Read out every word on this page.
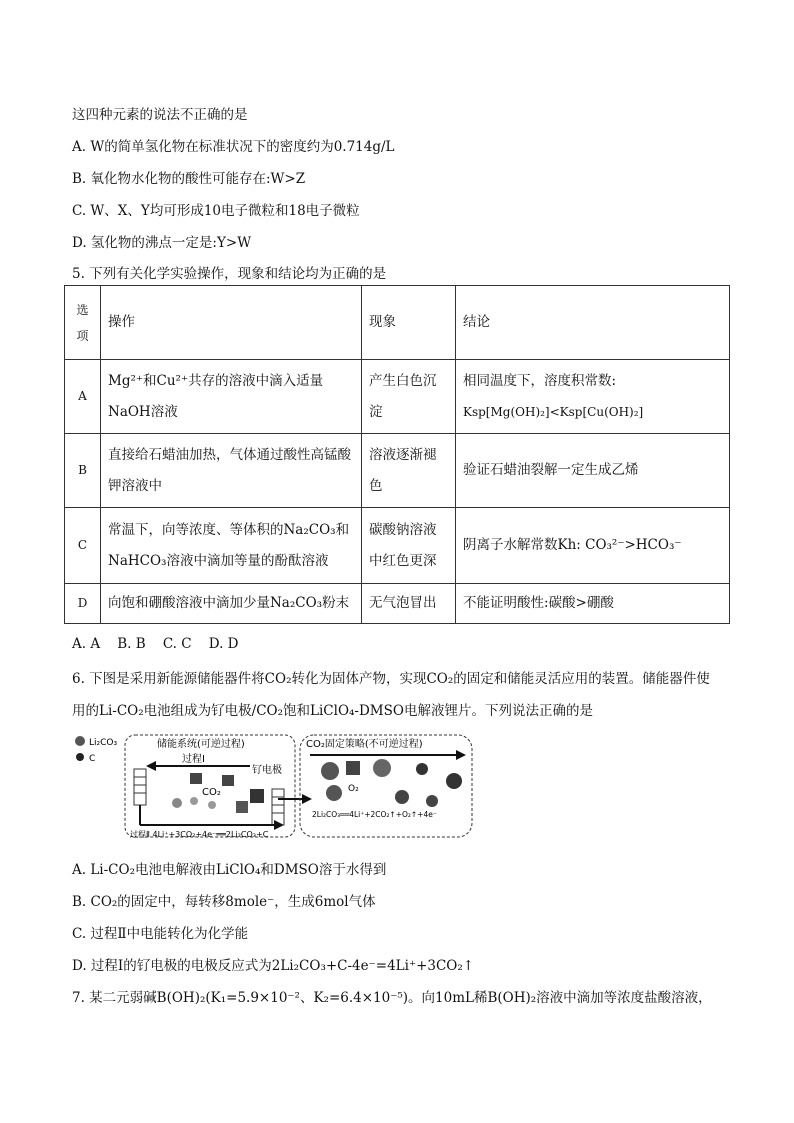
这四种元素的说法不正确的是
A. W的简单氢化物在标准状况下的密度约为0.714g/L
B. 氧化物水化物的酸性可能存在:W>Z
C. W、X、Y均可形成10电子微粒和18电子微粒
D. 氢化物的沸点一定是:Y>W
5. 下列有关化学实验操作，现象和结论均为正确的是
选项	操作	现象	结论
A	Mg²⁺和Cu²⁺共存的溶液中滴入适量NaOH溶液	产生白色沉淀	相同温度下，溶度积常数:
Ksp[Mg(OH)₂]<Ksp[Cu(OH)₂]

B	直接给石蜡油加热，气体通过酸性高锰酸钾溶液中	溶液逐渐褪色	验证石蜡油裂解一定生成乙烯
C	常温下，向等浓度、等体积的Na₂CO₃和NaHCO₃溶液中滴加等量的酚酞溶液	碳酸钠溶液中红色更深	阴离子水解常数Kh: CO₃²⁻>HCO₃⁻
D	向饱和硼酸溶液中滴加少量Na₂CO₃粉末	无气泡冒出	不能证明酸性:碳酸>硼酸
A. A    B. B    C. C    D. D
6. 下图是采用新能源储能器件将CO₂转化为固体产物，实现CO₂的固定和储能灵活应用的装置。储能器件使
用的Li-CO₂电池组成为钌电极/CO₂饱和LiClO₄-DMSO电解液锂片。下列说法正确的是
Li₂CO₃
C
储能系统(可逆过程)
过程Ⅰ
钌电极
CO₂
过程Ⅱ 4Li⁺+3CO₂+4e⁻══2Li₂CO₃+C
CO₂固定策略(不可逆过程)
O₂
2Li₂CO₃══4Li⁺+2CO₂↑+O₂↑+4e⁻
A. Li-CO₂电池电解液由LiClO₄和DMSO溶于水得到
B. CO₂的固定中，每转移8mole⁻，生成6mol气体
C. 过程Ⅱ中电能转化为化学能
D. 过程Ⅰ的钌电极的电极反应式为2Li₂CO₃+C-4e⁻=4Li⁺+3CO₂↑
7. 某二元弱碱B(OH)₂(K₁=5.9×10⁻²、K₂=6.4×10⁻⁵)。向10mL稀B(OH)₂溶液中滴加等浓度盐酸溶液，
